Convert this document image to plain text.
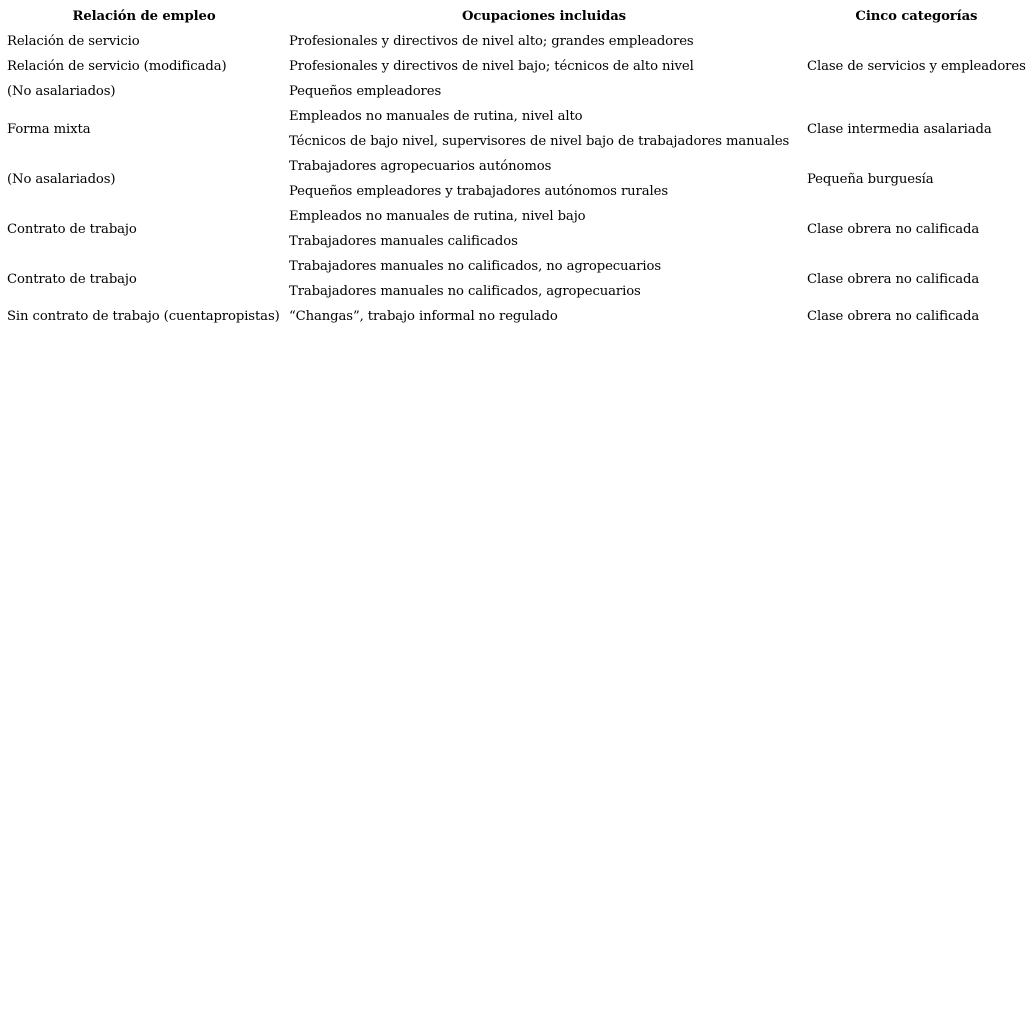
Relación de empleo	Ocupaciones incluidas	Cinco categorías
Relación de servicio	Profesionales y directivos de nivel alto; grandes empleadores	
Relación de servicio (modificada)	Profesionales y directivos de nivel bajo; técnicos de alto nivel	Clase de servicios y empleadores
(No asalariados)	Pequeños empleadores	
Forma mixta	Empleados no manuales de rutina, nivel alto	Clase intermedia asalariada
	Técnicos de bajo nivel, supervisores de nivel bajo de trabajadores manuales	
(No asalariados)	Trabajadores agropecuarios autónomos	Pequeña burguesía
	Pequeños empleadores y trabajadores autónomos rurales	
Contrato de trabajo	Empleados no manuales de rutina, nivel bajo	Clase obrera no calificada
	Trabajadores manuales calificados	
Contrato de trabajo	Trabajadores manuales no calificados, no agropecuarios	Clase obrera no calificada
	Trabajadores manuales no calificados, agropecuarios	
Sin contrato de trabajo (cuentapropistas)	“Changas”, trabajo informal no regulado	Clase obrera no calificada
